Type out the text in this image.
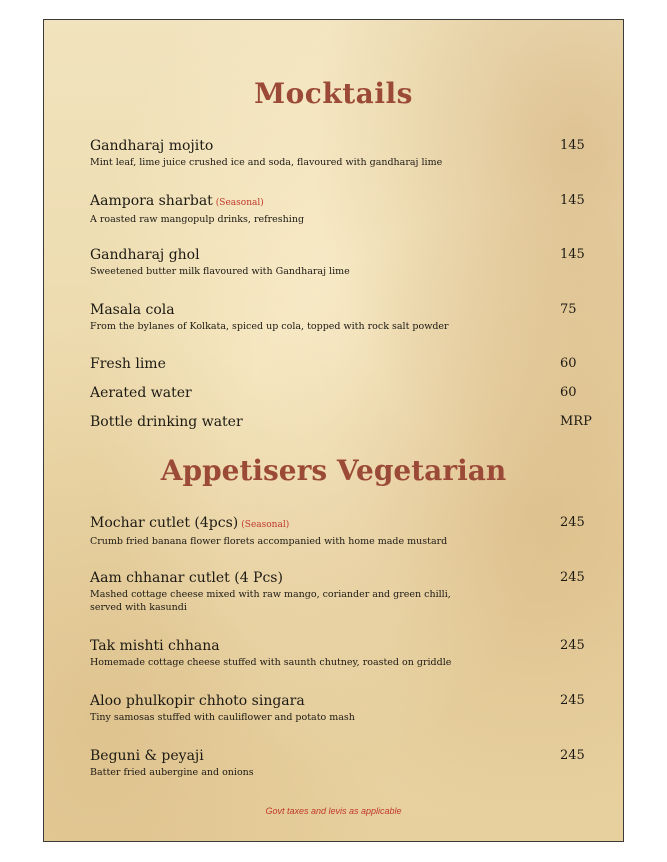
Mocktails
Gandharaj mojito
Mint leaf, lime juice crushed ice and soda, flavoured with gandharaj lime
145
Aampora sharbat (Seasonal)
A roasted raw mangopulp drinks, refreshing
145
Gandharaj ghol
Sweetened butter milk flavoured with Gandharaj lime
145
Masala cola
From the bylanes of Kolkata, spiced up cola, topped with rock salt powder
75
Fresh lime	60
Aerated water	60
Bottle drinking water	MRP
Appetisers Vegetarian
Mochar cutlet (4pcs) (Seasonal)
Crumb fried banana flower florets accompanied with home made mustard
245
Aam chhanar cutlet (4 Pcs)
Mashed cottage cheese mixed with raw mango, coriander and green chilli, served with kasundi
245
Tak mishti chhana
Homemade cottage cheese stuffed with saunth chutney, roasted on griddle
245
Aloo phulkopir chhoto singara
Tiny samosas stuffed with cauliflower and potato mash
245
Beguni & peyaji
Batter fried aubergine and onions
245
Govt taxes and levis as applicable
